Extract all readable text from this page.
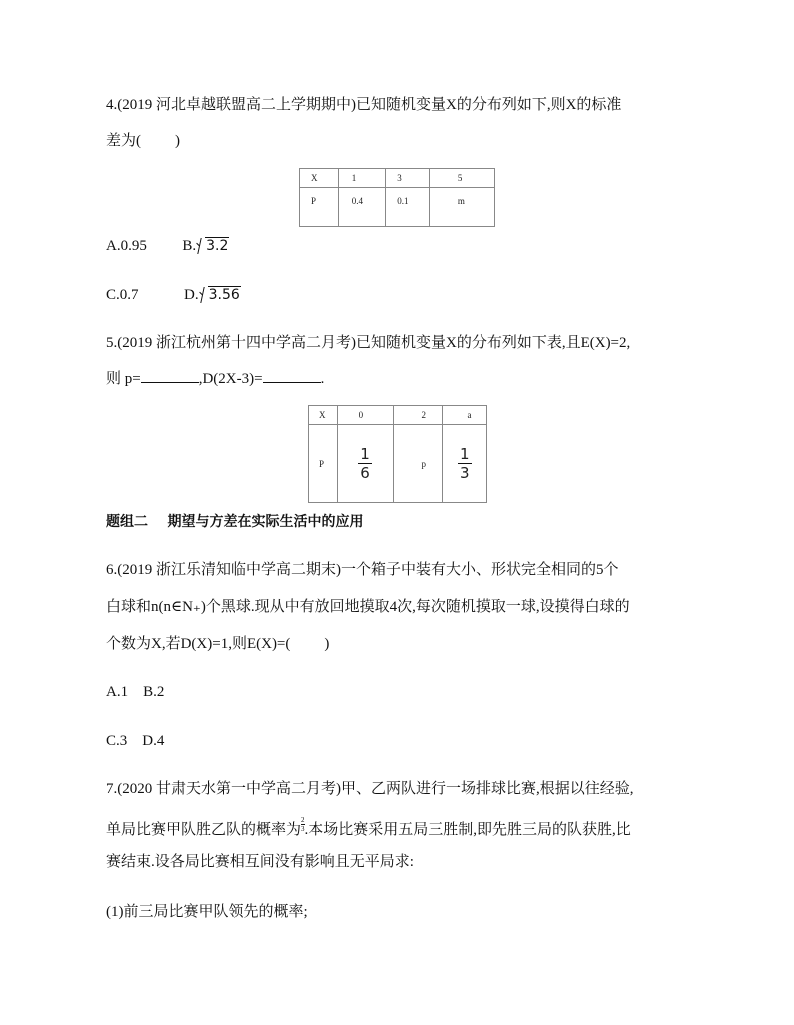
4.(2019 河北卓越联盟高二上学期期中)已知随机变量X的分布列如下,则X的标准
差为( )
X	1	3	5
P	0.4	0.1	m
A.0.95 B. 3.2
C.0.7	D. 3.56
5.(2019 浙江杭州第十四中学高二月考)已知随机变量X的分布列如下表,且E(X)=2,
则 p=	,D(2X-3)=	.
X	0	2	a
P	$\frac{1}{6}$	p	$\frac{1}{3}$
题组二    期望与方差在实际生活中的应用
6.(2019 浙江乐清知临中学高二期末)一个箱子中装有大小、形状完全相同的5个
白球和n(n∈N₊)个黑球.现从中有放回地摸取4次,每次随机摸取一球,设摸得白球的
个数为X,若D(X)=1,则E(X)=( )
A.1    B.2
C.3    D.4
7.(2020 甘肃天水第一中学高二月考)甲、乙两队进行一场排球比赛,根据以往经验,
单局比赛甲队胜乙队的概率为 $\frac{2}{3}$.本场比赛采用五局三胜制,即先胜三局的队获胜,比
赛结束.设各局比赛相互间没有影响且无平局求:
(1)前三局比赛甲队领先的概率;
